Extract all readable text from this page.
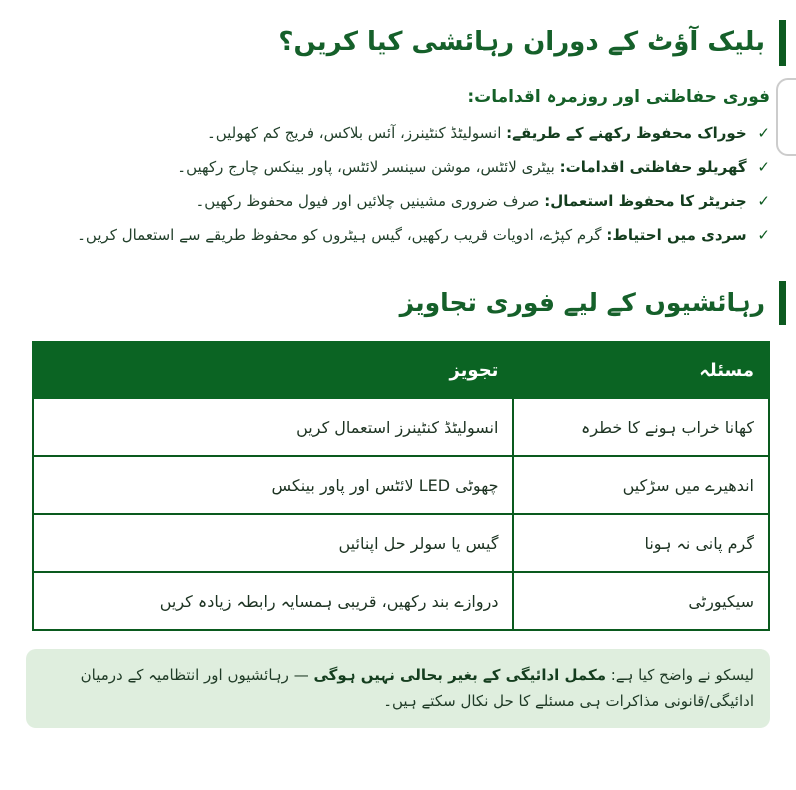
بلیک آؤٹ کے دوران رہائشی کیا کریں؟
فوری حفاظتی اور روزمرہ اقدامات:
✓ خوراک محفوظ رکھنے کے طریقے: انسولیٹڈ کنٹینرز، آئس بلاکس، فریج کم کھولیں۔
✓ گھریلو حفاظتی اقدامات: بیٹری لائٹس، موشن سینسر لائٹس، پاور بینکس چارج رکھیں۔
✓ جنریٹر کا محفوظ استعمال: صرف ضروری مشینیں چلائیں اور فیول محفوظ رکھیں۔
✓ سردی میں احتیاط: گرم کپڑے، ادویات قریب رکھیں، گیس ہیٹروں کو محفوظ طریقے سے استعمال کریں۔
رہائشیوں کے لیے فوری تجاویز
مسئلہ	تجویز
کھانا خراب ہونے کا خطرہ	انسولیٹڈ کنٹینرز استعمال کریں
اندھیرے میں سڑکیں	چھوٹی LED لائٹس اور پاور بینکس
گرم پانی نہ ہونا	گیس یا سولر حل اپنائیں
سیکیورٹی	دروازے بند رکھیں، قریبی ہمسایہ رابطہ زیادہ کریں
لیسکو نے واضح کیا ہے: مکمل ادائیگی کے بغیر بحالی نہیں ہوگی — رہائشیوں اور انتظامیہ کے درمیان ادائیگی/قانونی مذاکرات ہی مسئلے کا حل نکال سکتے ہیں۔
